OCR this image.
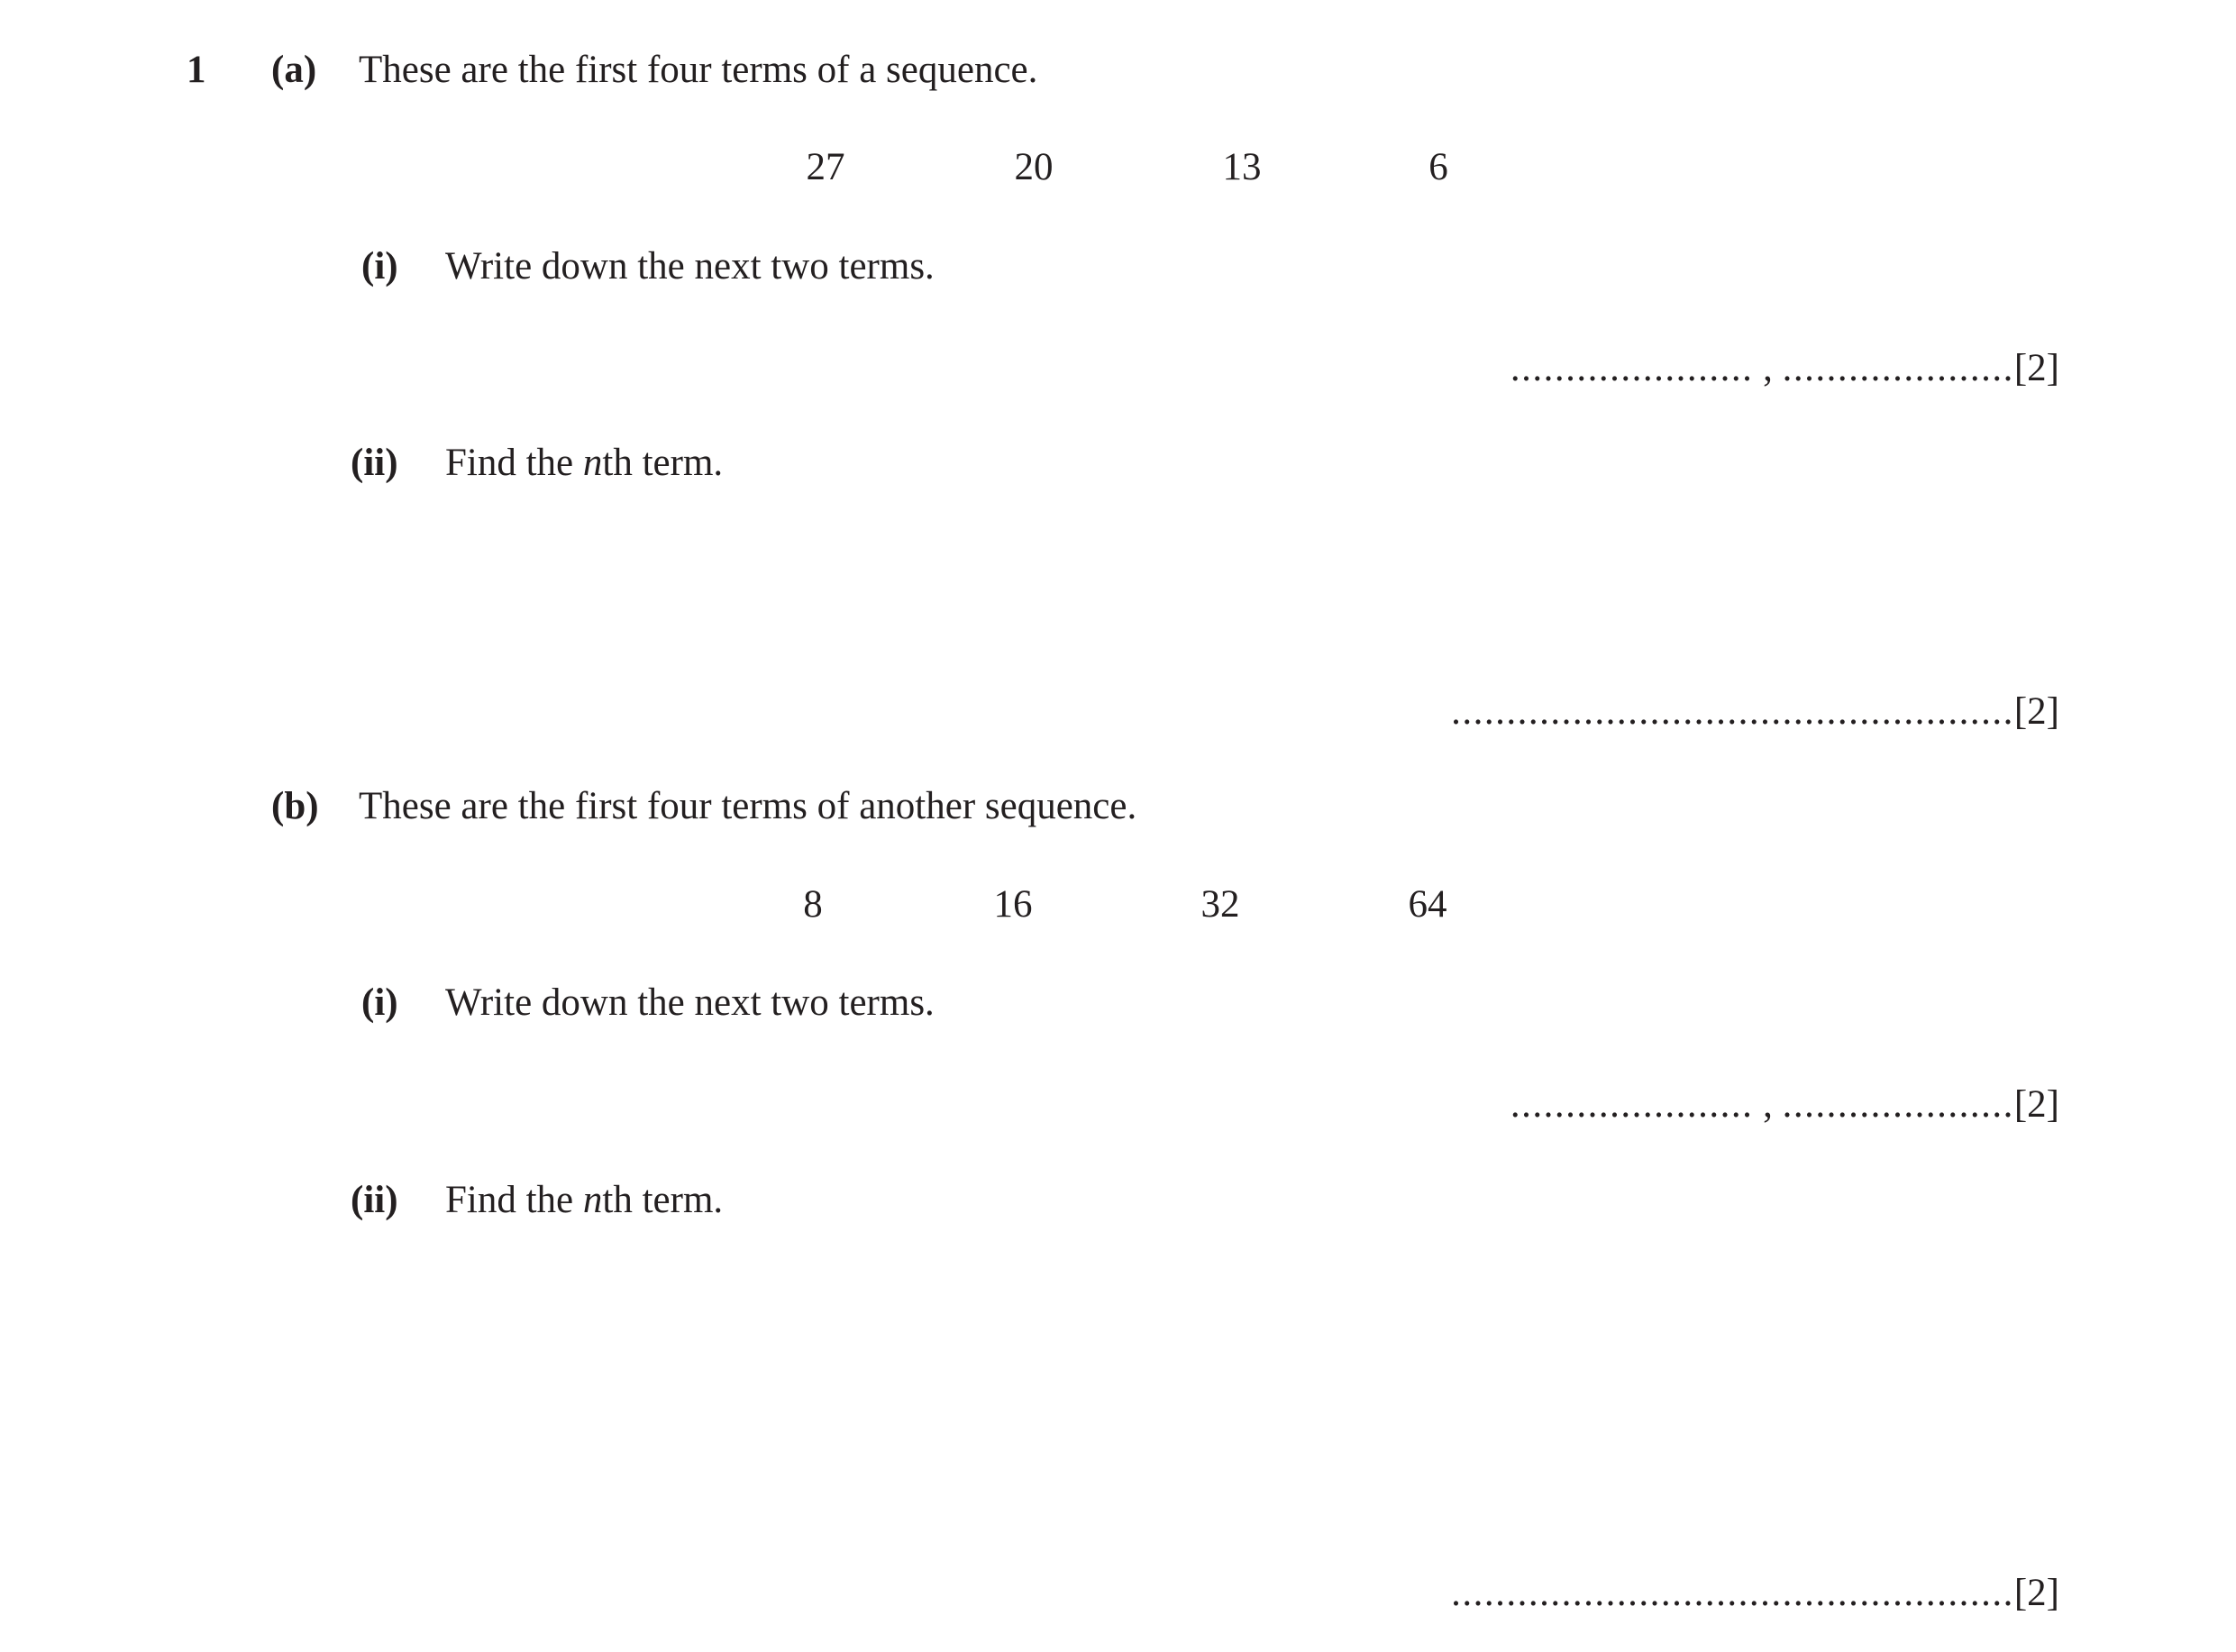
1 (a) These are the first four terms of a sequence.
27	20	13	6
(i) Write down the next two terms.
...................... , .....................[2]
(ii) Find the nth term.
...................................................[2]
(b) These are the first four terms of another sequence.
8	16	32	64
(i) Write down the next two terms.
...................... , .....................[2]
(ii) Find the nth term.
...................................................[2]
